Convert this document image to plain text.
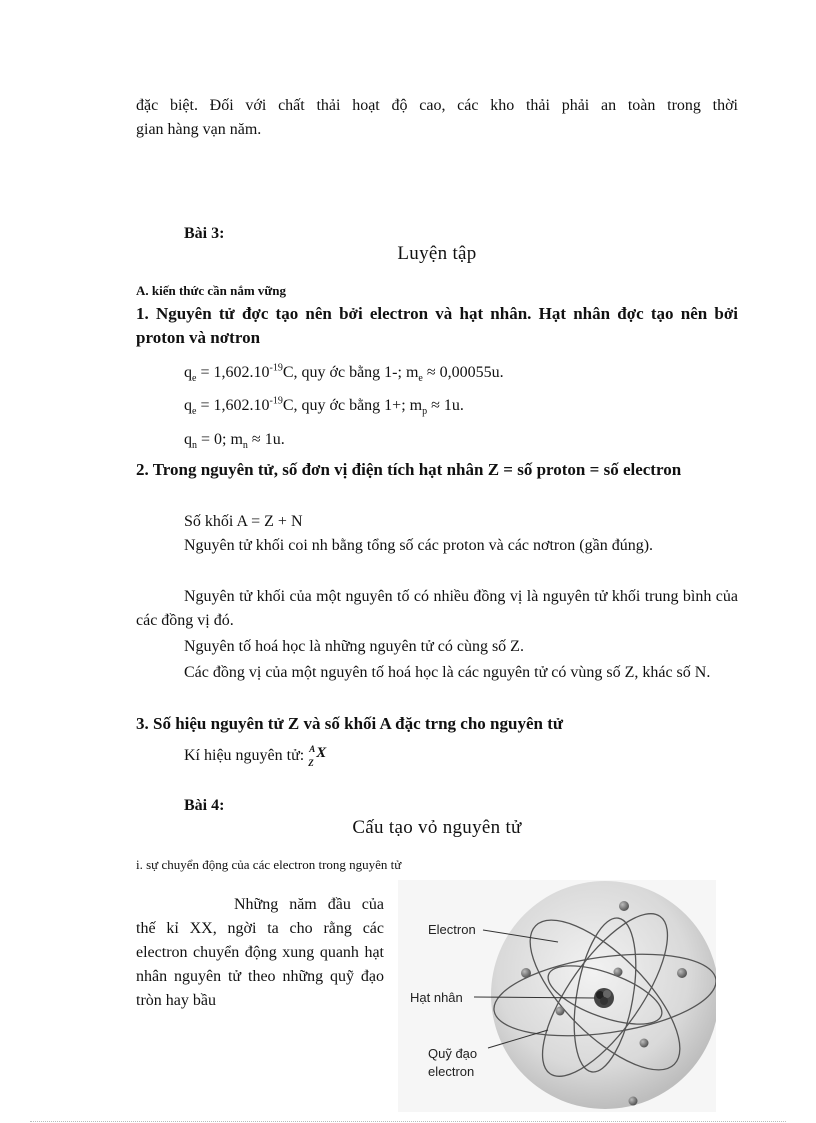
đặc biệt. Đối với chất thải hoạt độ cao, các kho thải phải an toàn trong thời
gian hàng vạn năm.
Bài 3:
Luyện tập
A. kiến thức cần nắm vững
1. Nguyên tử đợc tạo nên bởi electron và hạt nhân. Hạt nhân đợc tạo nên bởi proton và nơtron
$q_e = 1,602.10^{-19}C$, quy ớc bằng 1-; $m_e \approx 0,00055u$.
$q_e = 1,602.10^{-19}C$, quy ớc bằng 1+; $m_p \approx 1u$.
$q_n = 0$; $m_n \approx 1u$.
2. Trong nguyên tử, số đơn vị điện tích hạt nhân Z = số proton = số electron
Số khối A = Z + N
Nguyên tử khối coi nh bằng tổng số các proton và các nơtron (gần đúng).
Nguyên tử khối của một nguyên tố có nhiều đồng vị là nguyên tử khối trung bình của các đồng vị đó.
Nguyên tố hoá học là những nguyên tử có cùng số Z.
Các đồng vị của một nguyên tố hoá học là các nguyên tử có vùng số Z, khác số N.
3. Số hiệu nguyên tử Z và số khối A đặc trng cho nguyên tử
Kí hiệu nguyên tử: A
Z
X
Bài 4:
Cấu tạo vỏ nguyên tử
i. sự chuyển động của các electron trong nguyên tử
Những năm đầu của thế kỉ XX, ngời ta cho rằng các electron chuyển động xung quanh hạt nhân nguyên tử theo những quỹ đạo tròn hay bầu
Electron
Hạt nhân
Quỹ đạo
electron
